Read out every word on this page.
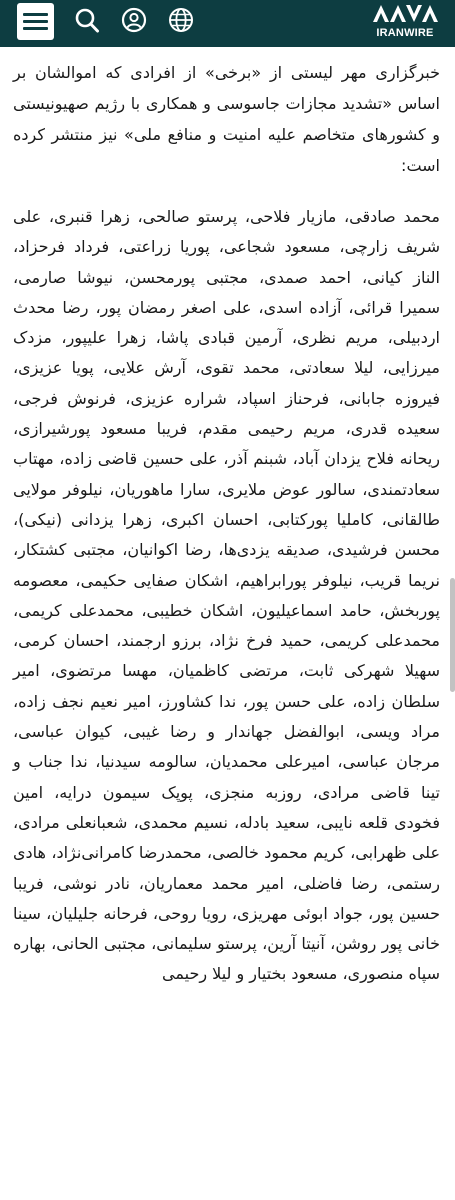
IRANWIRE

خبرگزاری مهر لیستی از «برخی» از افرادی که اموالشان بر اساس «تشدید مجازات جاسوسی و همکاری با رژیم صهیونیستی و کشورهای متخاصم علیه امنیت و منافع ملی» نیز منتشر کرده است:

محمد صادقی، مازیار فلاحی، پرستو صالحی، زهرا قنبری، علی شریف زارچی، مسعود شجاعی، پوریا زراعتی، فرداد فرحزاد، الناز کیانی، احمد صمدی، مجتبی پورمحسن، نیوشا صارمی، سمیرا قرائی، آزاده اسدی، علی اصغر رمضان پور، رضا محدث اردبیلی، مریم نظری، آرمین قبادی پاشا، زهرا علیپور، مزدک میرزایی، لیلا سعادتی، محمد تقوی، آرش علایی، پویا عزیزی، فیروزه جابانی، فرحناز اسپاد، شراره عزیزی، فرنوش فرجی، سعیده قدری، مریم رحیمی مقدم، فریبا مسعود پورشیرازی، ریحانه فلاح یزدان آباد، شبنم آذر، علی حسین قاضی زاده، مهتاب سعادتمندی، سالور عوض ملایری، سارا ماهوریان، نیلوفر مولایی طالقانی، کاملیا پورکتابی، احسان اکبری، زهرا یزدانی (نیکی)، محسن فرشیدی، صدیقه یزدی‌ها، رضا اکوانیان، مجتبی کشتکار، نریما قریب، نیلوفر پورابراهیم، اشکان صفایی حکیمی، معصومه پوربخش، حامد اسماعیلیون، اشکان خطیبی، محمدعلی کریمی، محمدعلی کریمی، حمید فرخ نژاد، برزو ارجمند، احسان کرمی، سهیلا شهرکی ثابت، مرتضی کاظمیان، مهسا مرتضوی، امیر سلطان زاده، علی حسن پور، ندا کشاورز، امیر نعیم نجف زاده، مراد ویسی، ابوالفضل جهاندار و رضا غیبی، کیوان عباسی، مرجان عباسی، امیرعلی محمدیان، سالومه سیدنیا، ندا جناب و تینا قاضی مرادی، روزبه منجزی، پوپک سیمون درایه، امین فخودی قلعه نایبی، سعید بادله، نسیم محمدی، شعبانعلی مرادی، علی ظهرابی، کریم محمود خالصی، محمدرضا کامرانی‌نژاد، هادی رستمی، رضا فاضلی، امیر محمد معماریان، نادر نوشی، فریبا حسین پور، جواد ابوئی مهریزی، رویا روحی، فرحانه جلیلیان، سینا خانی پور روشن، آنیتا آرین، پرستو سلیمانی، مجتبی الحانی، بهاره سپاه منصوری، مسعود بختیار و لیلا رحیمی
